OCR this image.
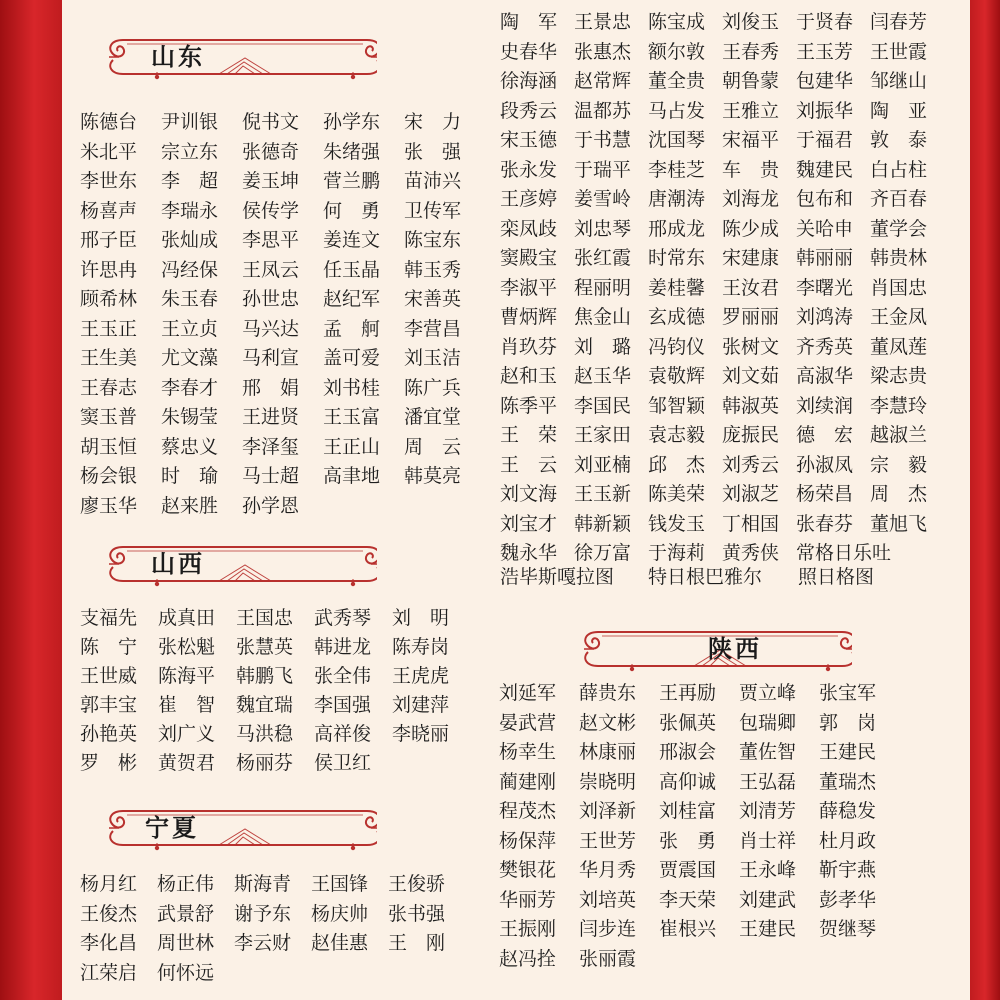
山东
山西
宁夏
陕西
陈德台	尹训银	倪书文	孙学东	宋　力
米北平	宗立东	张德奇	朱绪强	张　强
李世东	李　超	姜玉坤	菅兰鹏	苗沛兴
杨喜声	李瑞永	侯传学	何　勇	卫传军
邢子臣	张灿成	李思平	姜连文	陈宝东
许思冉	冯经保	王凤云	任玉晶	韩玉秀
顾希林	朱玉春	孙世忠	赵纪军	宋善英
王玉正	王立贞	马兴达	孟　舸	李营昌
王生美	尤文藻	马利宣	盖可爱	刘玉洁
王春志	李春才	邢　娟	刘书桂	陈广兵
窦玉普	朱锡莹	王进贤	王玉富	潘宜堂
胡玉恒	蔡忠义	李泽玺	王正山	周　云
杨会银	时　瑜	马士超	高聿地	韩莫亮
廖玉华	赵来胜	孙学恩
支福先	成真田	王国忠	武秀琴	刘　明
陈　宁	张松魁	张慧英	韩进龙	陈寿岗
王世威	陈海平	韩鹏飞	张全伟	王虎虎
郭丰宝	崔　智	魏宜瑞	李国强	刘建萍
孙艳英	刘广义	马洪稳	高祥俊	李晓丽
罗　彬	黄贺君	杨丽芬	侯卫红
杨月红	杨正伟	斯海青	王国锋	王俊骄
王俊杰	武景舒	谢予东	杨庆帅	张书强
李化昌	周世林	李云财	赵佳惠	王　刚
江荣启	何怀远
陶　军 王景忠 陈宝成 刘俊玉 于贤春 闫春芳
史春华 张惠杰 额尔敦 王春秀 王玉芳 王世霞
徐海涵 赵常辉 董全贵 朝鲁蒙 包建华 邹继山
段秀云 温都苏 马占发 王雅立 刘振华 陶　亚
宋玉德 于书慧 沈国琴 宋福平 于福君 敦　泰
张永发 于瑞平 李桂芝 车　贵 魏建民 白占柱
王彦婷 姜雪岭 唐潮涛 刘海龙 包布和 齐百春
栾凤歧 刘忠琴 邢成龙 陈少成 关哈申 董学会
窦殿宝 张红霞 时常东 宋建康 韩丽丽 韩贵林
李淑平 程丽明 姜桂馨 王汝君 李曙光 肖国忠
曹炳辉 焦金山 玄成德 罗丽丽 刘鸿涛 王金凤
肖玖芬 刘　璐 冯钧仪 张树文 齐秀英 董凤莲
赵和玉 赵玉华 袁敬辉 刘文茹 高淑华 梁志贵
陈季平 李国民 邹智颖 韩淑英 刘续润 李慧玲
王　荣 王家田 袁志毅 庞振民 德　宏 越淑兰
王　云 刘亚楠 邱　杰 刘秀云 孙淑凤 宗　毅
刘文海 王玉新 陈美荣 刘淑芝 杨荣昌 周　杰
刘宝才 韩新颖 钱发玉 丁相国 张春芬 董旭飞
魏永华 徐万富 于海莉 黄秀侠 常格日乐吐
浩毕斯嘎拉图	特日根巴雅尔	照日格图
刘延军	薛贵东	王再励	贾立峰	张宝军
晏武营	赵文彬	张佩英	包瑞卿	郭　岗
杨幸生	林康丽	邢淑会	董佐智	王建民
蔺建刚	崇晓明	高仰诚	王弘磊	董瑞杰
程茂杰	刘泽新	刘桂富	刘清芳	薛稳发
杨保萍	王世芳	张　勇	肖士祥	杜月政
樊银花	华月秀	贾震国	王永峰	靳宇燕
华丽芳	刘培英	李天荣	刘建武	彭孝华
王振刚	闫步连	崔根兴	王建民	贺继琴
赵冯拴	张丽霞
